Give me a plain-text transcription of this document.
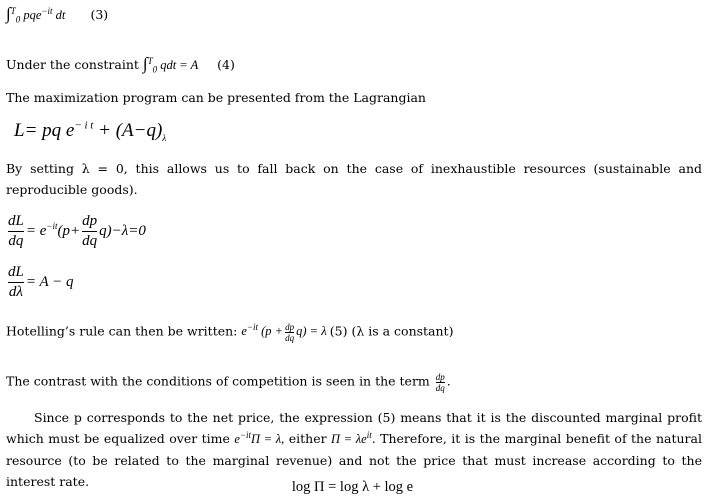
∫$^T_0$ pqe$^{-it}$ dt (3)
Under the constraint ∫$^T_0$ qdt = A (4)
The maximization program can be presented from the Lagrangian
L= pq $e^{- i t} + (A-q)_\lambda$
By setting λ = 0, this allows us to fall back on the case of inexhaustible resources (sustainable and reproducible goods).
$\frac{dL}{dq} = e^{-it}(p+ \frac{dp}{dq} q)-\lambda=0$
$\frac{dL}{d\lambda} = A - q$
Hotelling’s rule can then be written: $e^{-it}$ $(p + \frac{dp}{dq} q) = \lambda$ (5) (λ is a constant)
The contrast with the conditions of competition is seen in the term $\frac{dp}{dq}$ .
Since p corresponds to the net price, the expression (5) means that it is the discounted marginal profit which must be equalized over time $e^{-it}\Pi = \lambda$, either $\Pi = \lambda e^{it}$. Therefore, it is the marginal benefit of the natural resource (to be related to the marginal revenue) and not the price that must increase according to the interest rate.	log Π = log λ + log e
